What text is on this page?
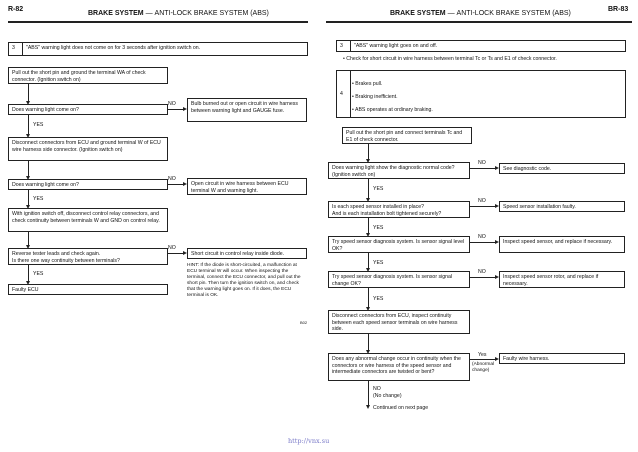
R-82
BRAKE SYSTEM — ANTI-LOCK BRAKE SYSTEM (ABS)
3 "ABS" warning light does not come on for 3 seconds after ignition switch on.
Pull out the short pin and ground the terminal WA of check connector. (Ignition switch on)
Does warning light come on?
NO	Bulb burned out or open circuit in wire harness between warning light and GAUGE fuse.
YES
Disconnect connectors from ECU and ground terminal W of ECU wire harness side connector. (Ignition switch on)
Does warning light come on?
NO
Open circuit in wire harness between ECU terminal W and warning light.
YES
With ignition switch off, disconnect control relay connectors, and check continuity between terminals W and GND on control relay.
Reverse tester leads and check again.
Is there one way continuity between terminals?
NO
Short circuit in control relay inside diode.
YES
Faulty ECU
HINT: If the diode is short-circuited, a malfunction at ECU terminal W will occur. When inspecting the terminal, connect the ECU connector, and pull out the short pin. Then turn the ignition switch on, and check that the warning light goes on. If it does, the ECU terminal is OK.
B02
BRAKE SYSTEM — ANTI-LOCK BRAKE SYSTEM (ABS)
BR-83
3 "ABS" warning light goes on and off.
• Check for short circuit in wire harness between terminal Tc or Ts and E1 of check connector.

4

• Brakes pull.

• Braking inefficient.

• ABS operates at ordinary braking.

Pull out the short pin and connect terminals Tc and E1 of check connector.
Does warning light show the diagnostic normal code? (Ignition switch on)
NO
See diagnostic code.
YES
Is each speed sensor installed in place?
And is each installation bolt tightened securely?
NO
Speed sensor installation faulty.
YES
Try speed sensor diagnosis system. Is sensor signal level OK?
NO
Inspect speed sensor, and replace if necessary.
YES
Try speed sensor diagnosis system. Is sensor signal change OK?
NO
Inspect speed sensor rotor, and replace if necessary.
YES
Disconnect connectors from ECU, inspect continuity between each speed sensor terminals on wire harness side.
Does any abnormal change occur in continuity when the connectors or wire harness of the speed sensor and intermediate connectors are twisted or bent?
Yes
(Abnormal change)
Faulty wire harness.
NO
(No change)
Continued on next page
http://vnx.su
